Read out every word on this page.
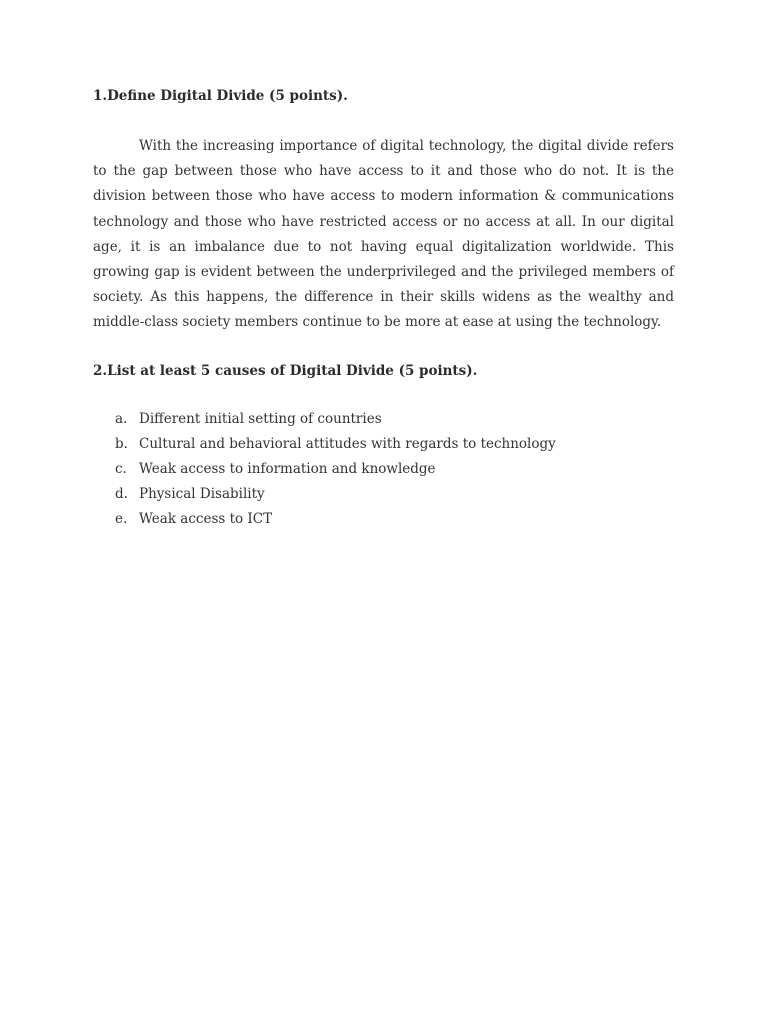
1.Define Digital Divide (5 points).

With the increasing importance of digital technology, the digital divide refers to the gap between those who have access to it and those who do not. It is the division between those who have access to modern information & communications technology and those who have restricted access or no access at all. In our digital age, it is an imbalance due to not having equal digitalization worldwide. This growing gap is evident between the underprivileged and the privileged members of society. As this happens, the difference in their skills widens as the wealthy and middle-class society members continue to be more at ease at using the technology.

2.List at least 5 causes of Digital Divide (5 points).

a. Different initial setting of countries
b. Cultural and behavioral attitudes with regards to technology
c. Weak access to information and knowledge
d. Physical Disability
e. Weak access to ICT
